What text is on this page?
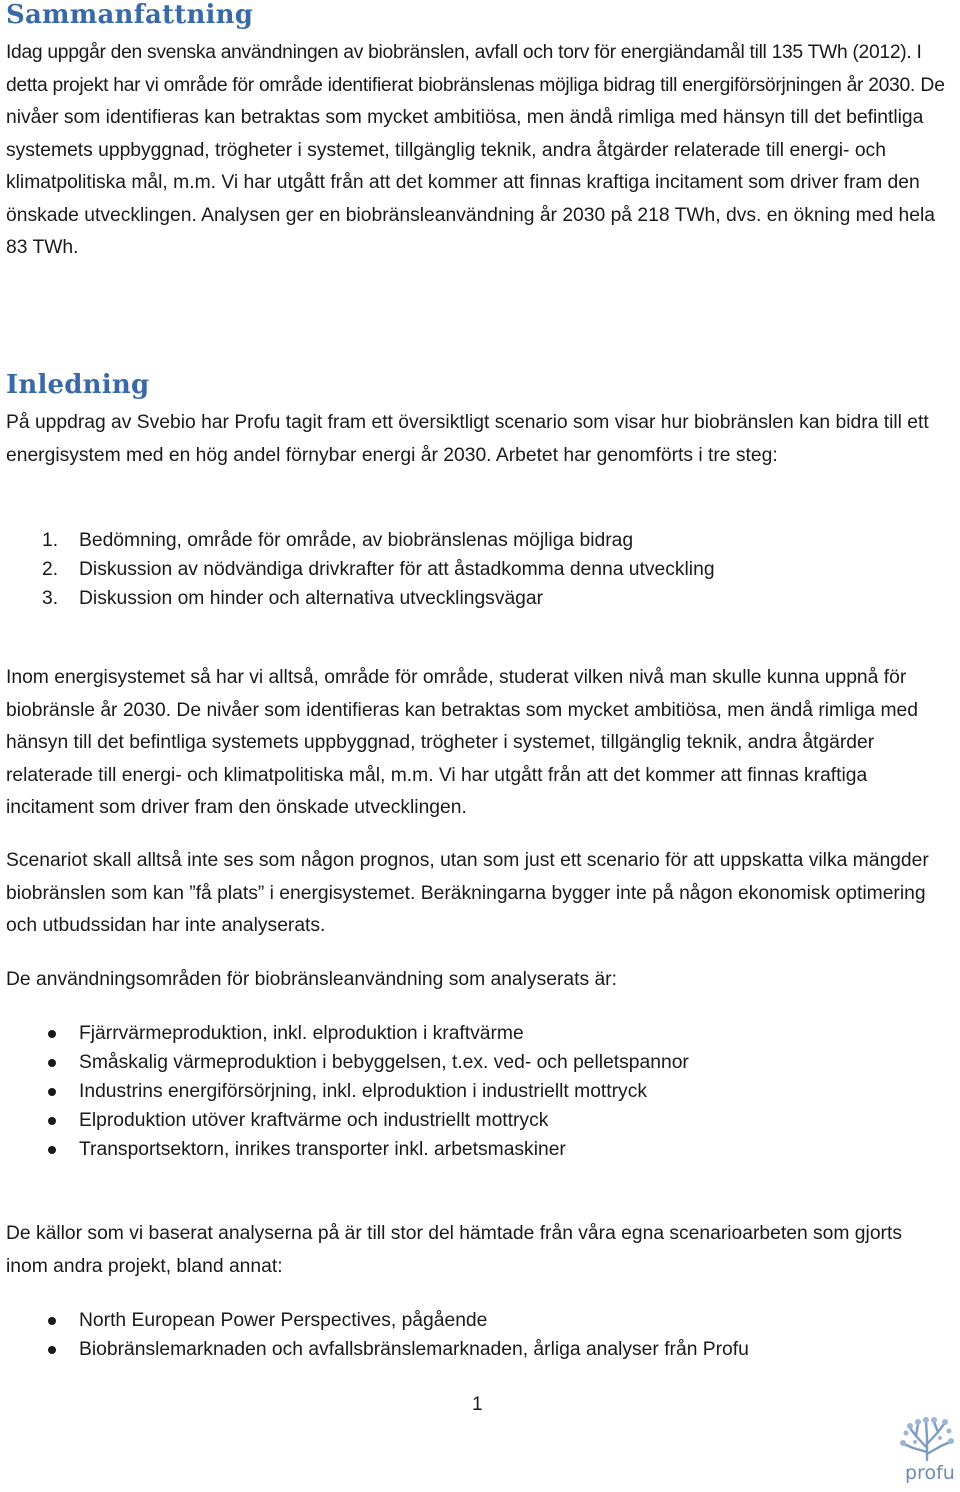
Sammanfattning

Idag uppgår den svenska användningen av biobränslen, avfall och torv för energiändamål till 135 TWh (2012). I detta projekt har vi område för område identifierat biobränslenas möjliga bidrag till energiförsörjningen år 2030. De nivåer som identifieras kan betraktas som mycket ambitiösa, men ändå rimliga med hänsyn till det befintliga systemets uppbyggnad, trögheter i systemet, tillgänglig teknik, andra åtgärder relaterade till energi- och klimatpolitiska mål, m.m. Vi har utgått från att det kommer att finnas kraftiga incitament som driver fram den önskade utvecklingen. Analysen ger en biobränsleanvändning år 2030 på 218 TWh, dvs. en ökning med hela 83 TWh.

Inledning

På uppdrag av Svebio har Profu tagit fram ett översiktligt scenario som visar hur biobränslen kan bidra till ett energisystem med en hög andel förnybar energi år 2030. Arbetet har genomförts i tre steg:

1. Bedömning, område för område, av biobränslenas möjliga bidrag
2. Diskussion av nödvändiga drivkrafter för att åstadkomma denna utveckling
3. Diskussion om hinder och alternativa utvecklingsvägar

Inom energisystemet så har vi alltså, område för område, studerat vilken nivå man skulle kunna uppnå för biobränsle år 2030. De nivåer som identifieras kan betraktas som mycket ambitiösa, men ändå rimliga med hänsyn till det befintliga systemets uppbyggnad, trögheter i systemet, tillgänglig teknik, andra åtgärder relaterade till energi- och klimatpolitiska mål, m.m. Vi har utgått från att det kommer att finnas kraftiga incitament som driver fram den önskade utvecklingen.

Scenariot skall alltså inte ses som någon prognos, utan som just ett scenario för att uppskatta vilka mängder biobränslen som kan ”få plats” i energisystemet. Beräkningarna bygger inte på någon ekonomisk optimering och utbudssidan har inte analyserats.

De användningsområden för biobränsleanvändning som analyserats är:

Fjärrvärmeproduktion, inkl. elproduktion i kraftvärme
Småskalig värmeproduktion i bebyggelsen, t.ex. ved- och pelletspannor
Industrins energiförsörjning, inkl. elproduktion i industriellt mottryck
Elproduktion utöver kraftvärme och industriellt mottryck
Transportsektorn, inrikes transporter inkl. arbetsmaskiner

De källor som vi baserat analyserna på är till stor del hämtade från våra egna scenarioarbeten som gjorts inom andra projekt, bland annat:

North European Power Perspectives, pågående
Biobränslemarknaden och avfallsbränslemarknaden, årliga analyser från Profu
1
profu
